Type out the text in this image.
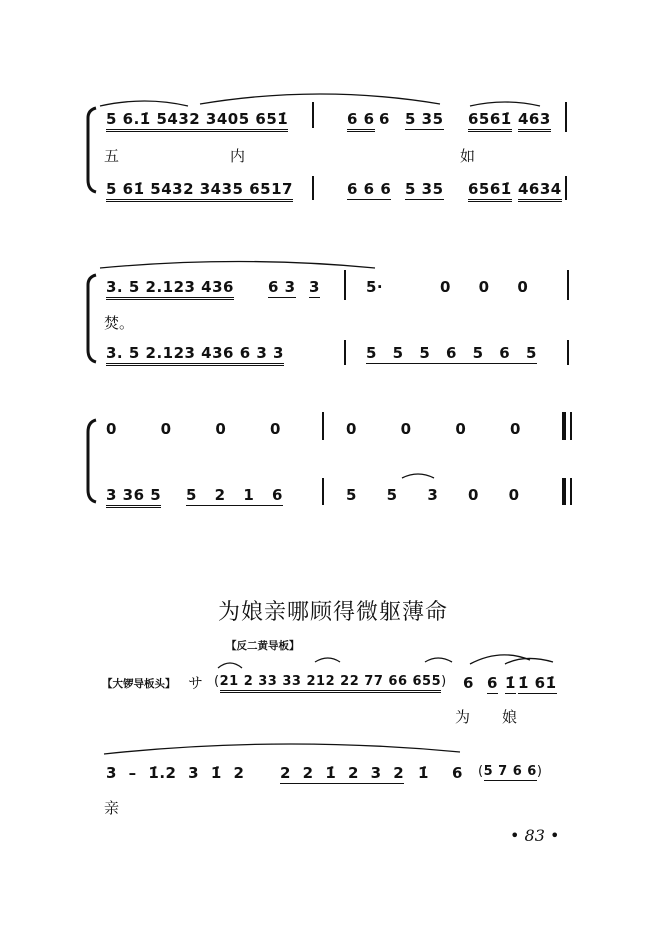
5 6.1̇ 5432 3405 651̇	6 6 6 5 35 6561̇ 463
五	内	如
5 61̇ 5432 3435 6517	6 6 6 5 35 6561̇ 4634
3. 5 2.123 436 6 3 3	5·	0 0 0
焚。
3. 5 2.123 436 6 3 3	5 5 5 6 5 6 5
0 0 0 0	0 0 0 0
3 36 5 5 2 1 6	5 5 3 0 0
为娘亲哪顾得微躯薄命
【反二黄导板】
【大锣导板头】 サ (21 2 33 33 212 22 77 66 655) 6 6 1̇ 1̇ 61̇
为 娘
3 – 1̇.2 3 1̇ 2 2 2 1̇ 2 3 2 1̇ 6 (5 7 6 6)
亲
• 83 •
